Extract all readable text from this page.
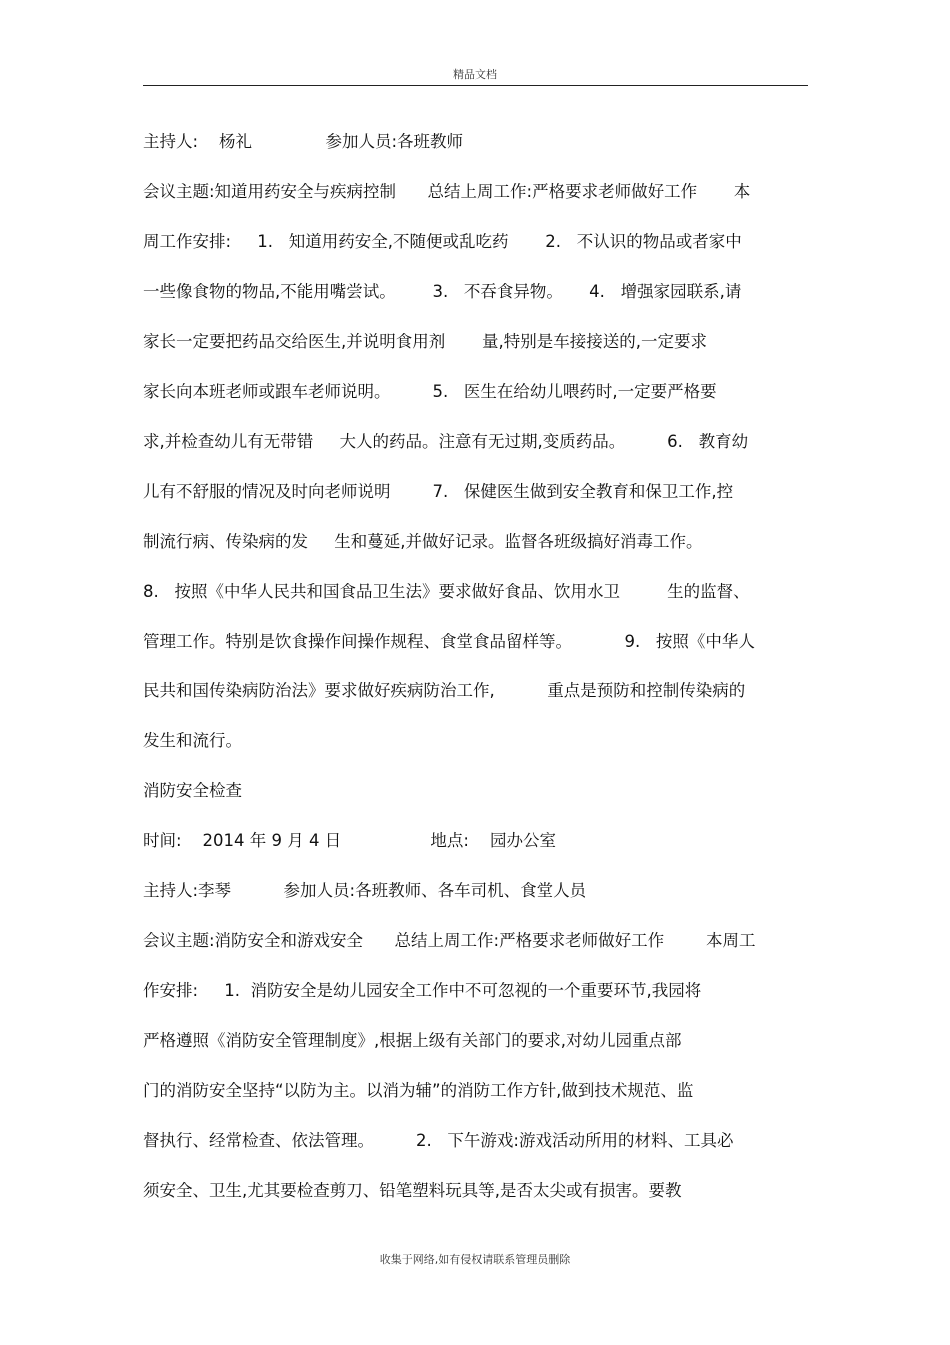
精品文档
主持人:    杨礼              参加人员:各班教师
会议主题:知道用药安全与疾病控制      总结上周工作:严格要求老师做好工作       本
周工作安排:     1.   知道用药安全,不随便或乱吃药       2.   不认识的物品或者家中
一些像食物的物品,不能用嘴尝试。       3.   不吞食异物。     4.   增强家园联系,请
家长一定要把药品交给医生,并说明食用剂       量,特别是车接接送的,一定要求
家长向本班老师或跟车老师说明。        5.   医生在给幼儿喂药时,一定要严格要
求,并检查幼儿有无带错     大人的药品。注意有无过期,变质药品。        6.   教育幼
儿有不舒服的情况及时向老师说明        7.   保健医生做到安全教育和保卫工作,控
制流行病、传染病的发     生和蔓延,并做好记录。监督各班级搞好消毒工作。
8.   按照《中华人民共和国食品卫生法》要求做好食品、饮用水卫         生的监督、
管理工作。特别是饮食操作间操作规程、食堂食品留样等。          9.   按照《中华人
民共和国传染病防治法》要求做好疾病防治工作,          重点是预防和控制传染病的
发生和流行。
消防安全检查
时间:    2014 年 9 月 4 日                 地点:    园办公室
主持人:李琴          参加人员:各班教师、各车司机、食堂人员
会议主题:消防安全和游戏安全      总结上周工作:严格要求老师做好工作        本周工
作安排:     1.  消防安全是幼儿园安全工作中不可忽视的一个重要环节,我园将
严格遵照《消防安全管理制度》,根据上级有关部门的要求,对幼儿园重点部
门的消防安全坚持“以防为主。以消为辅”的消防工作方针,做到技术规范、监
督执行、经常检查、依法管理。        2.   下午游戏:游戏活动所用的材料、工具必
须安全、卫生,尤其要检查剪刀、铅笔塑料玩具等,是否太尖或有损害。要教
收集于网络,如有侵权请联系管理员删除
